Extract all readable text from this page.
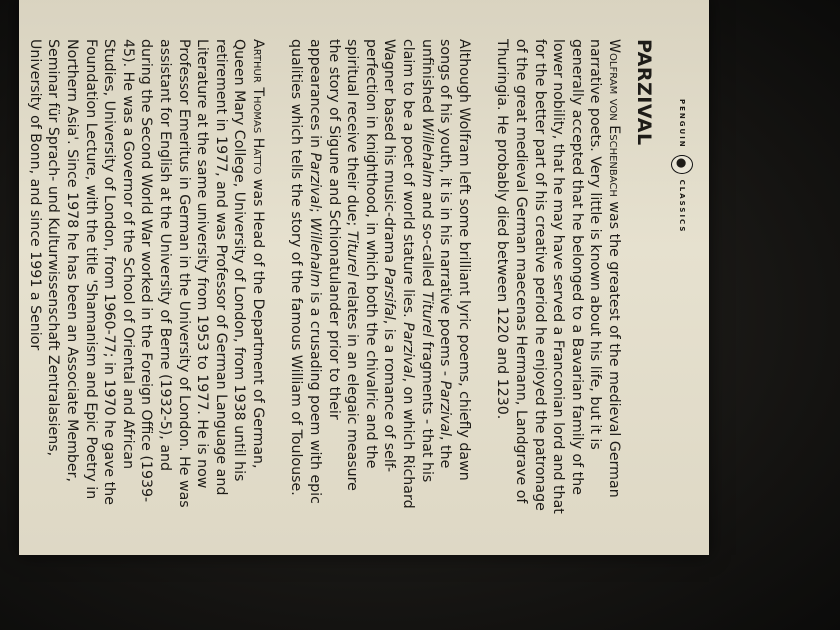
PENGUIN
●
CLASSICS
PARZIVAL

Wolfram von Eschenbach was the greatest of the medieval German narrative poets. Very little is known about his life, but it is generally accepted that he belonged to a Bavarian family of the lower nobility, that he may have served a Franconian lord and that for the better part of his creative period he enjoyed the patronage of the great medieval German maecenas Hermann, Landgrave of Thuringia. He probably died between 1220 and 1230.

Although Wolfram left some brilliant lyric poems, chiefly dawn songs of his youth, it is in his narrative poems - Parzival, the unfinished Willehalm and so-called Titurel fragments - that his claim to be a poet of world stature lies. Parzival, on which Richard Wagner based his music-drama Parsifal, is a romance of self-perfection in knighthood, in which both the chivalric and the spiritual receive their due; Titurel relates in an elegaic measure the story of Sigune and Schionatulander prior to their appearances in Parzival; Willehalm is a crusading poem with epic qualities which tells the story of the famous William of Toulouse.

Arthur Thomas Hatto was Head of the Department of German, Queen Mary College, University of London, from 1938 until his retirement in 1977, and was Professor of German Language and Literature at the same university from 1953 to 1977. He is now Professor Emeritus in German in the University of London. He was assistant for English at the University of Berne (1932-5), and during the Second World War worked in the Foreign Office (1939-45). He was a Governor of the School of Oriental and African Studies, University of London, from 1960-77; in 1970 he gave the Foundation Lecture, with the title 'Shamanism and Epic Poetry in Northern Asia'. Since 1978 he has been an Associate Member, Seminar für Sprach- und Kulturwissenschaft Zentralasiens, University of Bonn, and since 1991 a Senior
